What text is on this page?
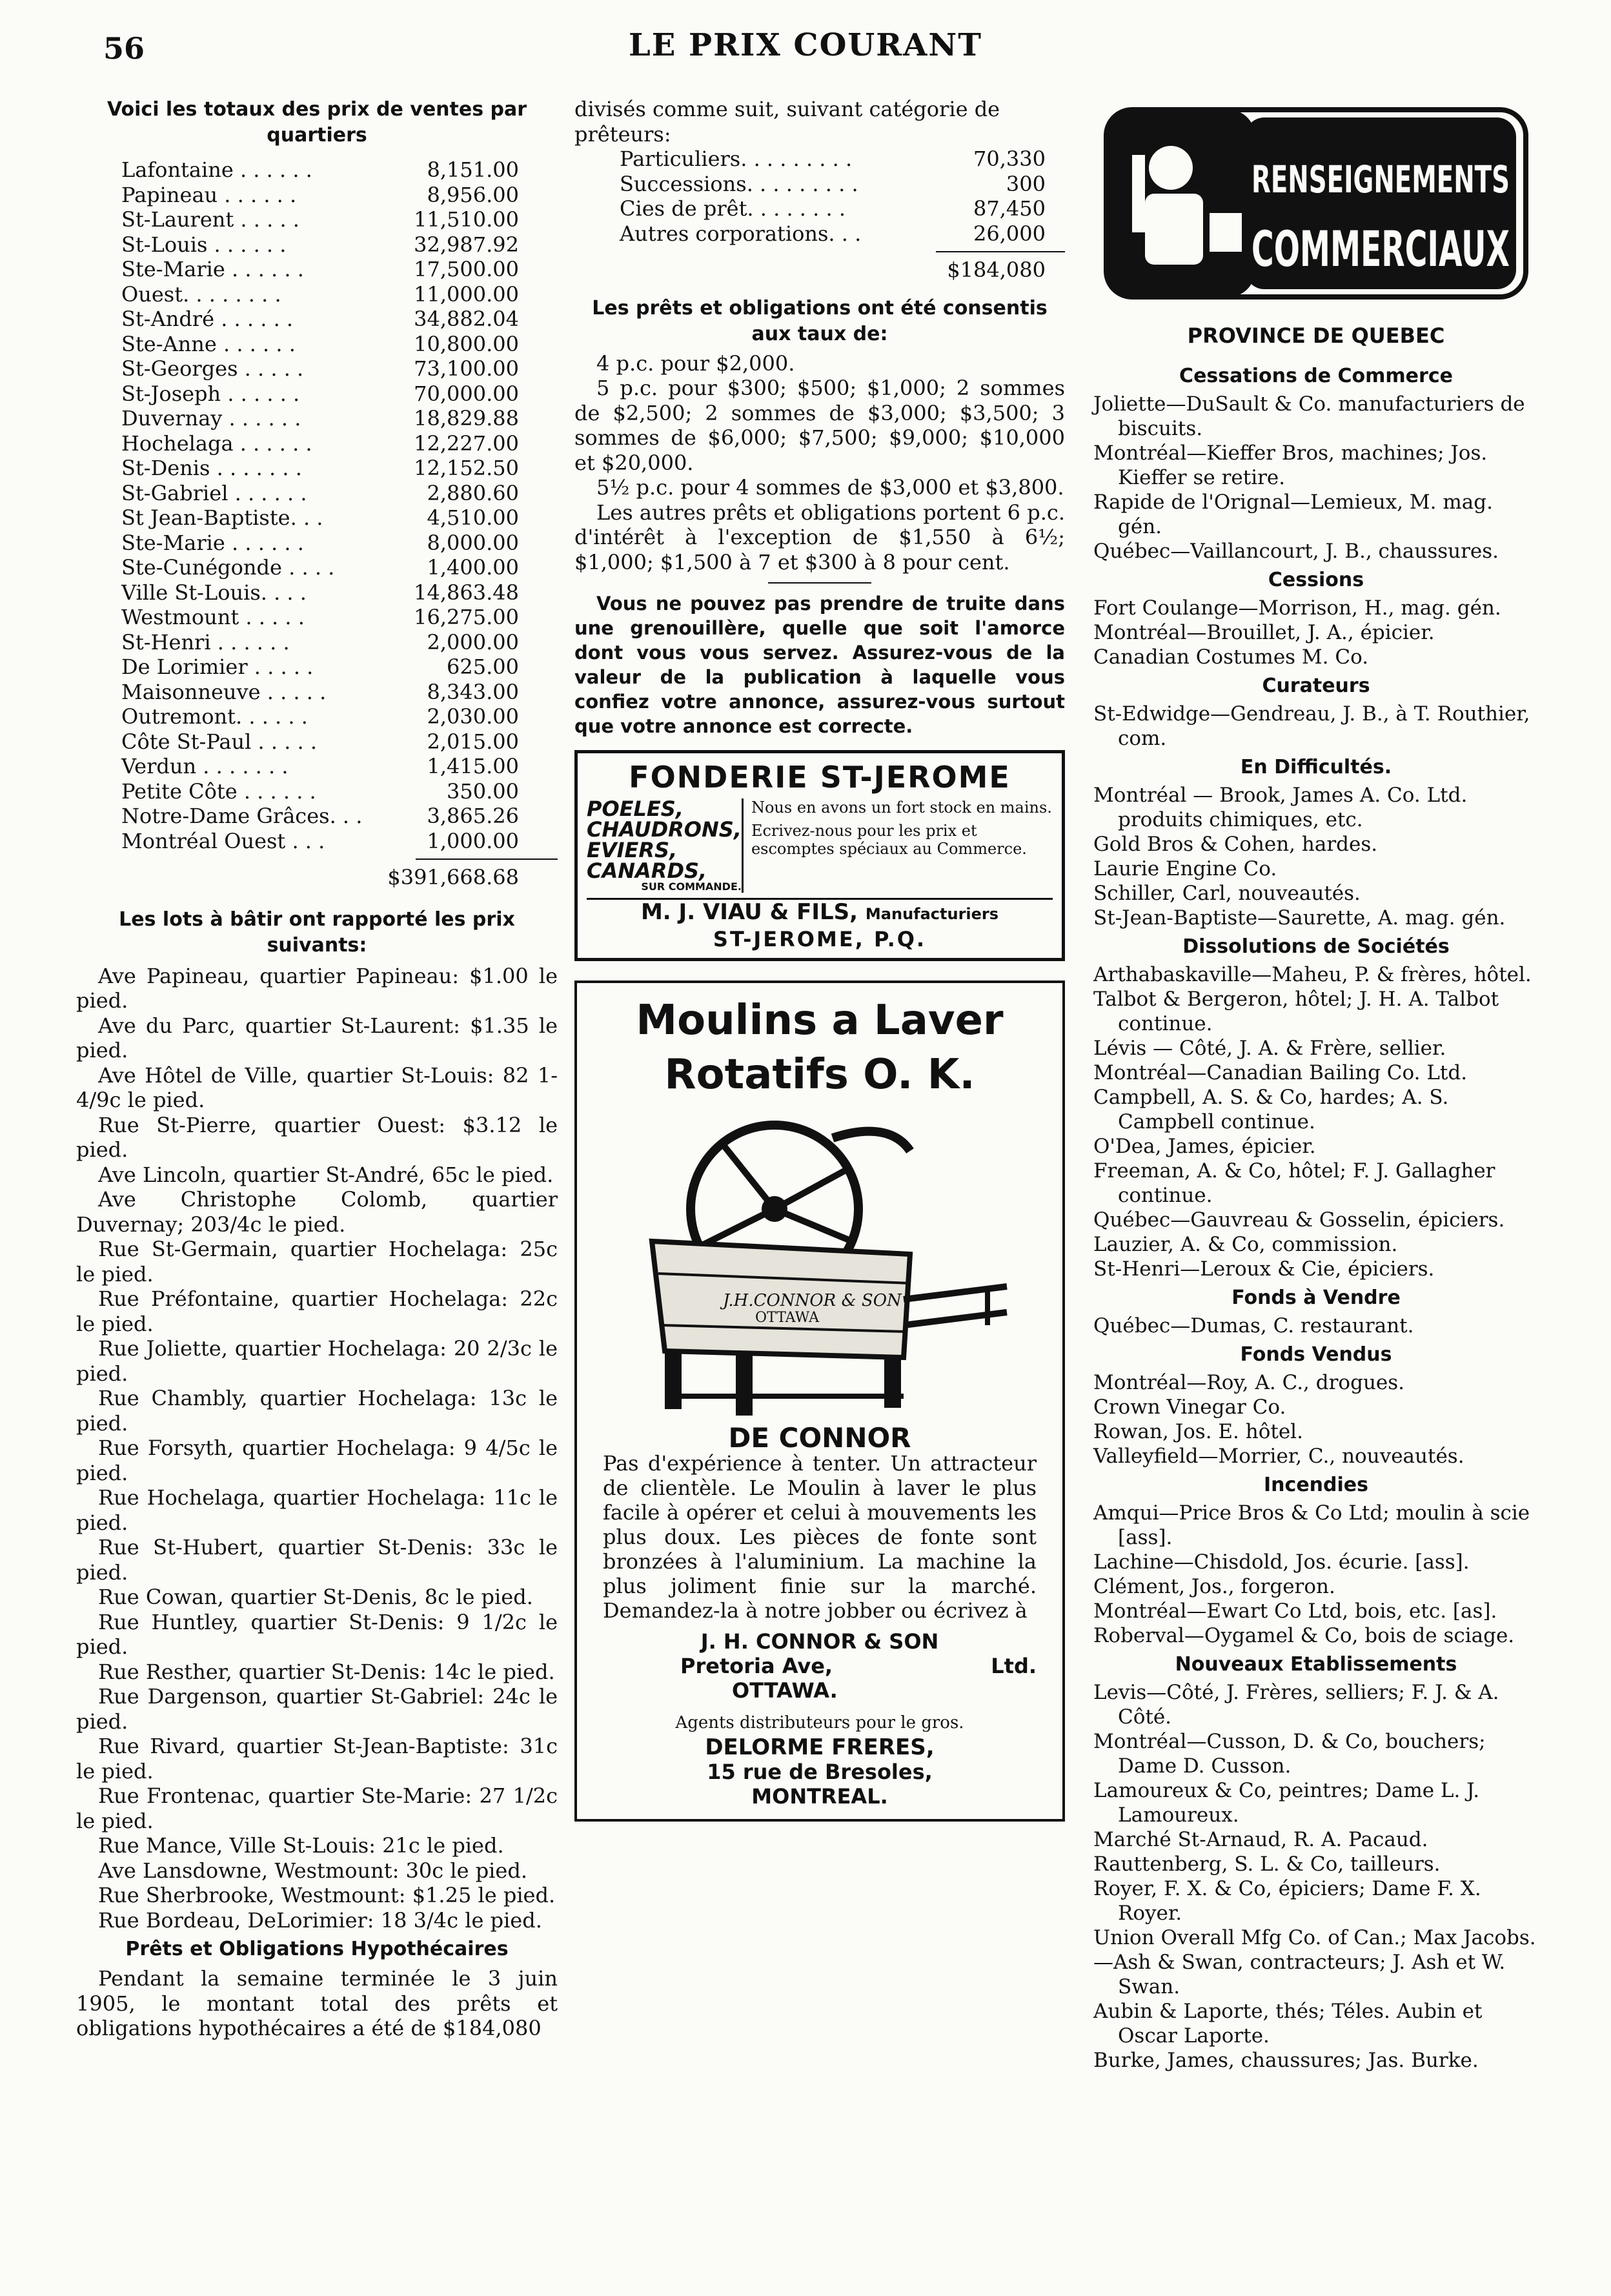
56	LE PRIX COURANT
Voici les totaux des prix de ventes par
quartiers
Lafontaine . . . . . .	8,151.00
Papineau . . . . . .	8,956.00
St-Laurent . . . . .	11,510.00
St-Louis . . . . . .	32,987.92
Ste-Marie . . . . . .	17,500.00
Ouest. . . . . . . .	11,000.00
St-André . . . . . .	34,882.04
Ste-Anne . . . . . .	10,800.00
St-Georges . . . . .	73,100.00
St-Joseph . . . . . .	70,000.00
Duvernay . . . . . .	18,829.88
Hochelaga . . . . . .	12,227.00
St-Denis . . . . . . .	12,152.50
St-Gabriel . . . . . .	2,880.60
St Jean-Baptiste. . .	4,510.00
Ste-Marie . . . . . .	8,000.00
Ste-Cunégonde . . . .	1,400.00
Ville St-Louis. . . .	14,863.48
Westmount . . . . .	16,275.00
St-Henri . . . . . .	2,000.00
De Lorimier . . . . .	625.00
Maisonneuve . . . . .	8,343.00
Outremont. . . . . .	2,030.00
Côte St-Paul . . . . .	2,015.00
Verdun . . . . . . .	1,415.00
Petite Côte . . . . . .	350.00
Notre-Dame Grâces. . .	3,865.26
Montréal Ouest . . .	1,000.00
$391,668.68
Les lots à bâtir ont rapporté les prix
suivants:
Ave Papineau, quartier Papineau: $1.00 le pied.
Ave du Parc, quartier St-Laurent: $1.35 le pied.
Ave Hôtel de Ville, quartier St-Louis: 82 1-4/9c le pied.
Rue St-Pierre, quartier Ouest: $3.12 le pied.
Ave Lincoln, quartier St-André, 65c le pied.
Ave Christophe Colomb, quartier Duvernay; 203/4c le pied.
Rue St-Germain, quartier Hochelaga: 25c le pied.
Rue Préfontaine, quartier Hochelaga: 22c le pied.
Rue Joliette, quartier Hochelaga: 20 2/3c le pied.
Rue Chambly, quartier Hochelaga: 13c le pied.
Rue Forsyth, quartier Hochelaga: 9 4/5c le pied.
Rue Hochelaga, quartier Hochelaga: 11c le pied.
Rue St-Hubert, quartier St-Denis: 33c le pied.
Rue Cowan, quartier St-Denis, 8c le pied.
Rue Huntley, quartier St-Denis: 9 1/2c le pied.
Rue Resther, quartier St-Denis: 14c le pied.
Rue Dargenson, quartier St-Gabriel: 24c le pied.
Rue Rivard, quartier St-Jean-Baptiste: 31c le pied.
Rue Frontenac, quartier Ste-Marie: 27 1/2c le pied.
Rue Mance, Ville St-Louis: 21c le pied.
Ave Lansdowne, Westmount: 30c le pied.
Rue Sherbrooke, Westmount: $1.25 le pied.
Rue Bordeau, DeLorimier: 18 3/4c le pied.
Prêts et Obligations Hypothécaires
Pendant la semaine terminée le 3 juin 1905, le montant total des prêts et obligations hypothécaires a été de $184,080
divisés comme suit, suivant catégorie de prêteurs:
Particuliers. . . . . . . . .	70,330
Successions. . . . . . . . .	300
Cies de prêt. . . . . . . .	87,450
Autres corporations. . .	26,000
$184,080
Les prêts et obligations ont été consentis
aux taux de:
4 p.c. pour $2,000.
5 p.c. pour $300; $500; $1,000; 2 sommes de $2,500; 2 sommes de $3,000; $3,500; 3 sommes de $6,000; $7,500; $9,000; $10,000 et $20,000.
5½ p.c. pour 4 sommes de $3,000 et $3,800.
Les autres prêts et obligations portent 6 p.c. d'intérêt à l'exception de $1,550 à 6½; $1,000; $1,500 à 7 et $300 à 8 pour cent.
Vous ne pouvez pas prendre de truite dans une grenouillère, quelle que soit l'amorce dont vous vous servez. Assurez-vous de la valeur de la publication à laquelle vous confiez votre annonce, assurez-vous surtout que votre annonce est correcte.
FONDERIE ST-JEROME
POELES,
CHAUDRONS,
EVIERS,
CANARDS,
SUR COMMANDE.
Nous en avons un fort stock en mains.
Ecrivez-nous pour les prix et escomptes spéciaux au Commerce.
M. J. VIAU & FILS, Manufacturiers
ST-JEROME, P.Q.
Moulins a Laver
Rotatifs O. K.
J.H.CONNOR & SON
OTTAWA
DE CONNOR
Pas d'expérience à tenter. Un attracteur de clientèle. Le Moulin à laver le plus facile à opérer et celui à mouvements les plus doux. Les pièces de fonte sont bronzées à l'aluminium. La machine la plus joliment finie sur la marché. Demandez-la à notre jobber ou écrivez à
J. H. CONNOR & SON
Pretoria Ave,	Ltd.
OTTAWA.
Agents distributeurs pour le gros.
DELORME FRERES,
15 rue de Bresoles,
MONTREAL.
RENSEIGNEMENTS
COMMERCIAUX
PROVINCE DE QUEBEC
Cessations de Commerce
Joliette—DuSault & Co. manufacturiers de biscuits.
Montréal—Kieffer Bros, machines; Jos. Kieffer se retire.
Rapide de l'Orignal—Lemieux, M. mag. gén.
Québec—Vaillancourt, J. B., chaussures.
Cessions
Fort Coulange—Morrison, H., mag. gén.
Montréal—Brouillet, J. A., épicier.
Canadian Costumes M. Co.
Curateurs
St-Edwidge—Gendreau, J. B., à T. Routhier, com.
En Difficultés.
Montréal — Brook, James A. Co. Ltd. produits chimiques, etc.
Gold Bros & Cohen, hardes.
Laurie Engine Co.
Schiller, Carl, nouveautés.
St-Jean-Baptiste—Saurette, A. mag. gén.
Dissolutions de Sociétés
Arthabaskaville—Maheu, P. & frères, hôtel.
Talbot & Bergeron, hôtel; J. H. A. Talbot continue.
Lévis — Côté, J. A. & Frère, sellier.
Montréal—Canadian Bailing Co. Ltd.
Campbell, A. S. & Co, hardes; A. S. Campbell continue.
O'Dea, James, épicier.
Freeman, A. & Co, hôtel; F. J. Gallagher continue.
Québec—Gauvreau & Gosselin, épiciers.
Lauzier, A. & Co, commission.
St-Henri—Leroux & Cie, épiciers.
Fonds à Vendre
Québec—Dumas, C. restaurant.
Fonds Vendus
Montréal—Roy, A. C., drogues.
Crown Vinegar Co.
Rowan, Jos. E. hôtel.
Valleyfield—Morrier, C., nouveautés.
Incendies
Amqui—Price Bros & Co Ltd; moulin à scie [ass].
Lachine—Chisdold, Jos. écurie. [ass].
Clément, Jos., forgeron.
Montréal—Ewart Co Ltd, bois, etc. [as].
Roberval—Oygamel & Co, bois de sciage.
Nouveaux Etablissements
Levis—Côté, J. Frères, selliers; F. J. & A. Côté.
Montréal—Cusson, D. & Co, bouchers; Dame D. Cusson.
Lamoureux & Co, peintres; Dame L. J. Lamoureux.
Marché St-Arnaud, R. A. Pacaud.
Rauttenberg, S. L. & Co, tailleurs.
Royer, F. X. & Co, épiciers; Dame F. X. Royer.
Union Overall Mfg Co. of Can.; Max Jacobs.
—Ash & Swan, contracteurs; J. Ash et W. Swan.
Aubin & Laporte, thés; Téles. Aubin et Oscar Laporte.
Burke, James, chaussures; Jas. Burke.
